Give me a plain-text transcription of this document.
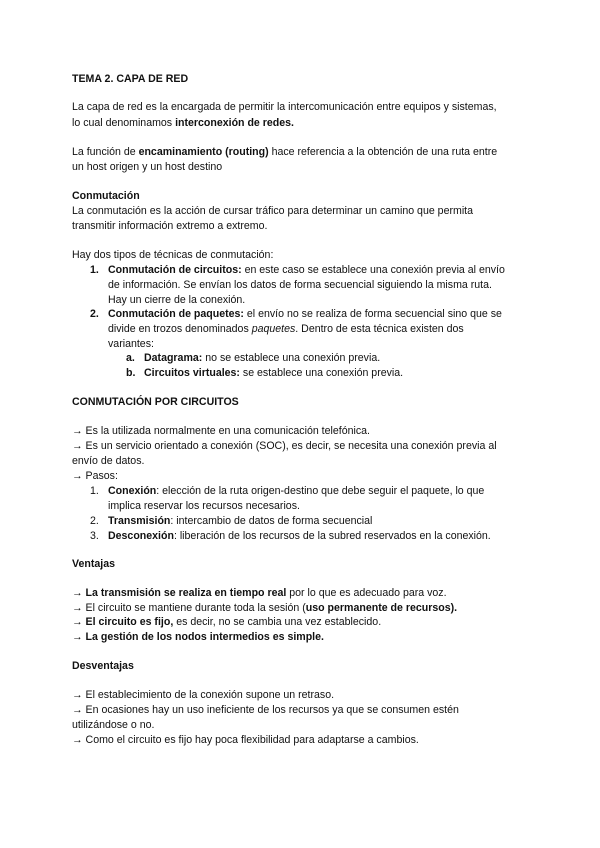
TEMA 2. CAPA DE RED
La capa de red es la encargada de permitir la intercomunicación entre equipos y sistemas,
lo cual denominamos interconexión de redes.
La función de encaminamiento (routing) hace referencia a la obtención de una ruta entre
un host origen y un host destino
Conmutación
La conmutación es la acción de cursar tráfico para determinar un camino que permita
transmitir información extremo a extremo.
Hay dos tipos de técnicas de conmutación:
1. Conmutación de circuitos: en este caso se establece una conexión previa al envío
de información. Se envían los datos de forma secuencial siguiendo la misma ruta.
Hay un cierre de la conexión.
2. Conmutación de paquetes: el envío no se realiza de forma secuencial sino que se
divide en trozos denominados paquetes. Dentro de esta técnica existen dos
variantes:
a. Datagrama: no se establece una conexión previa.
b. Circuitos virtuales: se establece una conexión previa.
CONMUTACIÓN POR CIRCUITOS
→ Es la utilizada normalmente en una comunicación telefónica.
→ Es un servicio orientado a conexión (SOC), es decir, se necesita una conexión previa al
envío de datos.
→ Pasos:
1. Conexión: elección de la ruta origen-destino que debe seguir el paquete, lo que
implica reservar los recursos necesarios.
2. Transmisión: intercambio de datos de forma secuencial
3. Desconexión: liberación de los recursos de la subred reservados en la conexión.
Ventajas
→ La transmisión se realiza en tiempo real por lo que es adecuado para voz.
→ El circuito se mantiene durante toda la sesión (uso permanente de recursos).
→ El circuito es fijo, es decir, no se cambia una vez establecido.
→ La gestión de los nodos intermedios es simple.
Desventajas
→ El establecimiento de la conexión supone un retraso.
→ En ocasiones hay un uso ineficiente de los recursos ya que se consumen estén
utilizándose o no.
→ Como el circuito es fijo hay poca flexibilidad para adaptarse a cambios.
